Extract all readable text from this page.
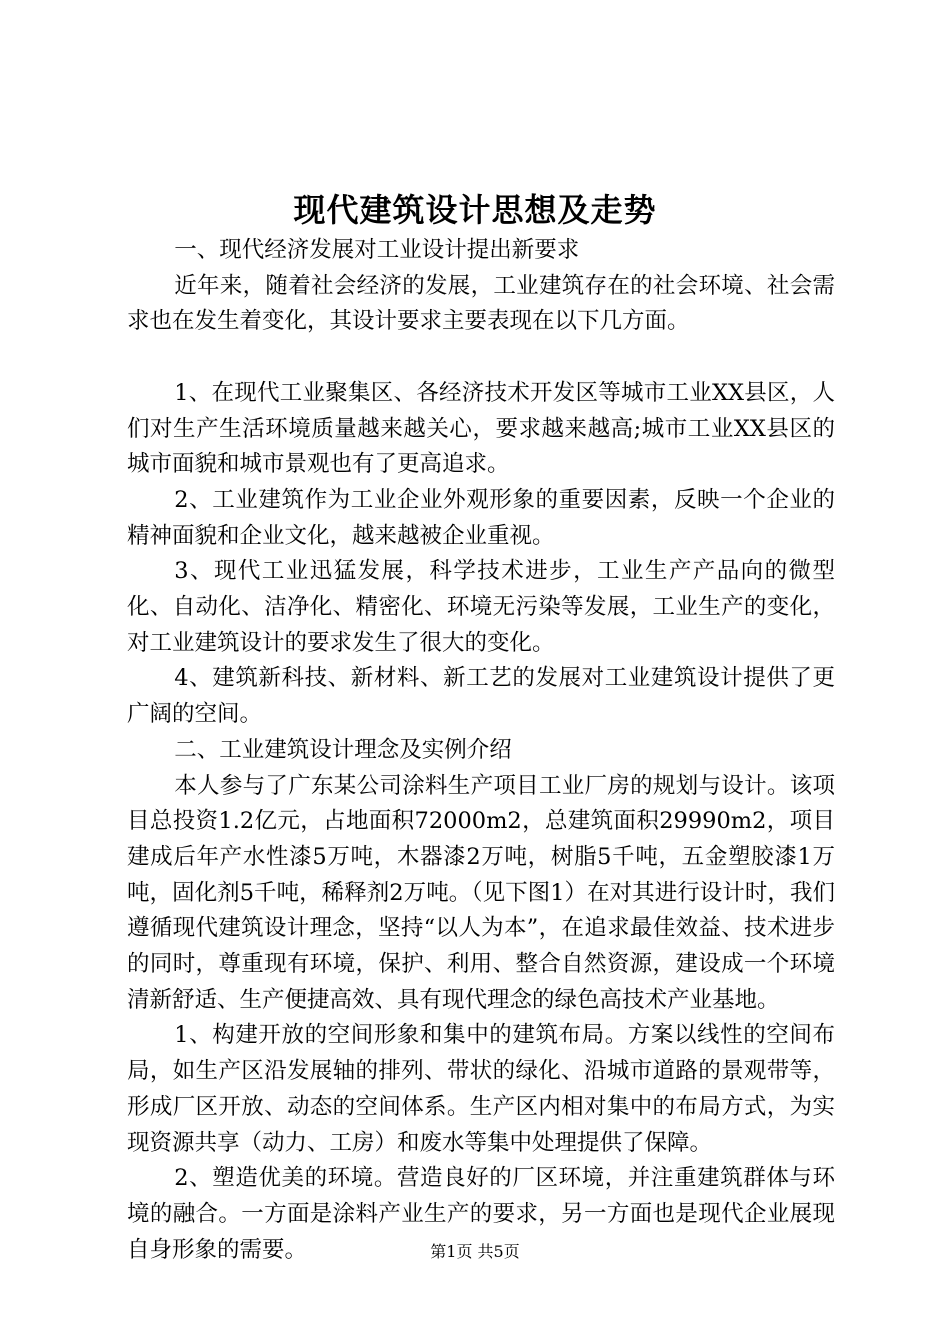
现代建筑设计思想及走势

一、现代经济发展对工业设计提出新要求

近年来，随着社会经济的发展，工业建筑存在的社会环境、社会需求也在发生着变化，其设计要求主要表现在以下几方面。

1、在现代工业聚集区、各经济技术开发区等城市工业XX县区，人们对生产生活环境质量越来越关心，要求越来越高;城市工业XX县区的城市面貌和城市景观也有了更高追求。

2、工业建筑作为工业企业外观形象的重要因素，反映一个企业的精神面貌和企业文化，越来越被企业重视。

3、现代工业迅猛发展，科学技术进步，工业生产产品向的微型化、自动化、洁净化、精密化、环境无污染等发展，工业生产的变化，对工业建筑设计的要求发生了很大的变化。

4、建筑新科技、新材料、新工艺的发展对工业建筑设计提供了更广阔的空间。

二、工业建筑设计理念及实例介绍

本人参与了广东某公司涂料生产项目工业厂房的规划与设计。该项目总投资1.2亿元，占地面积72000m2，总建筑面积29990m2，项目建成后年产水性漆5万吨，木器漆2万吨，树脂5千吨，五金塑胶漆1万吨，固化剂5千吨，稀释剂2万吨。（见下图1）在对其进行设计时，我们遵循现代建筑设计理念，坚持“以人为本”，在追求最佳效益、技术进步的同时，尊重现有环境，保护、利用、整合自然资源，建设成一个环境清新舒适、生产便捷高效、具有现代理念的绿色高技术产业基地。

1、构建开放的空间形象和集中的建筑布局。方案以线性的空间布局，如生产区沿发展轴的排列、带状的绿化、沿城市道路的景观带等，形成厂区开放、动态的空间体系。生产区内相对集中的布局方式，为实现资源共享（动力、工房）和废水等集中处理提供了保障。

2、塑造优美的环境。营造良好的厂区环境，并注重建筑群体与环境的融合。一方面是涂料产业生产的要求，另一方面也是现代企业展现自身形象的需要。	第1页 共5页
